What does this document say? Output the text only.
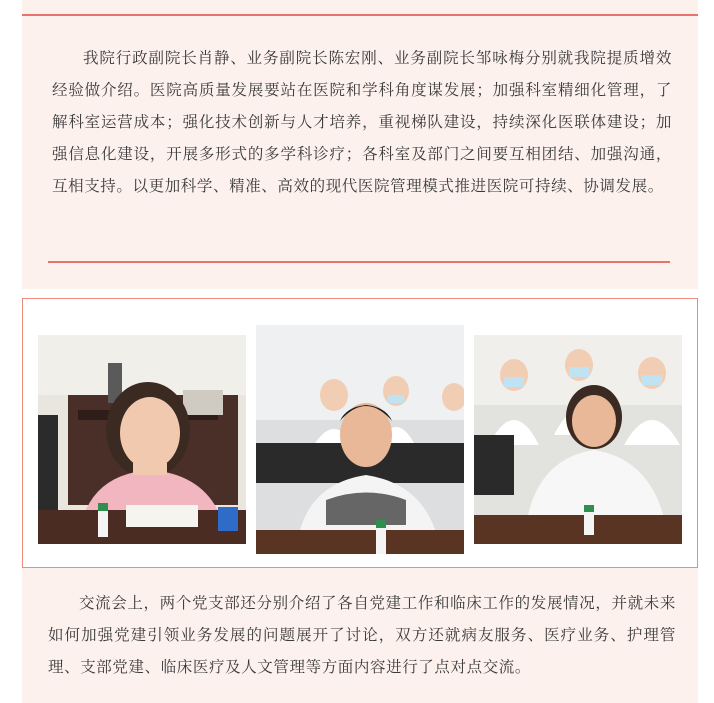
我院行政副院长肖静、业务副院长陈宏刚、业务副院长邹咏梅分别就我院提质增效经验做介绍。医院高质量发展要站在医院和学科角度谋发展；加强科室精细化管理，了解科室运营成本；强化技术创新与人才培养，重视梯队建设，持续深化医联体建设；加强信息化建设，开展多形式的多学科诊疗；各科室及部门之间要互相团结、加强沟通，互相支持。以更加科学、精准、高效的现代医院管理模式推进医院可持续、协调发展。

交流会上，两个党支部还分别介绍了各自党建工作和临床工作的发展情况，并就未来如何加强党建引领业务发展的问题展开了讨论，双方还就病友服务、医疗业务、护理管理、支部党建、临床医疗及人文管理等方面内容进行了点对点交流。
